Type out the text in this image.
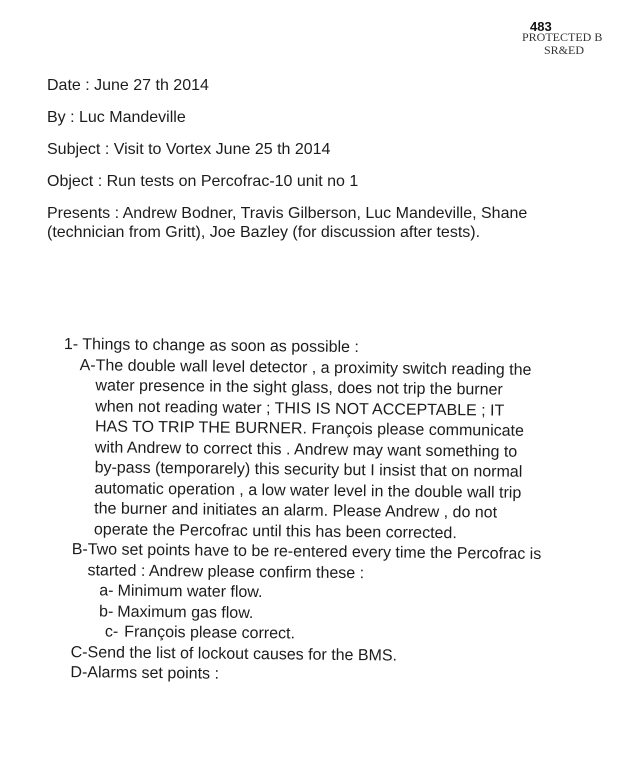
483
PROTECTED B
SR&ED
Date : June 27 th 2014
By : Luc Mandeville
Subject : Visit to Vortex June 25 th 2014
Object : Run tests on Percofrac-10 unit no 1
Presents : Andrew Bodner, Travis Gilberson, Luc Mandeville, Shane (technician from Gritt), Joe Bazley (for discussion after tests).

1- Things to change as soon as possible :

A- The double wall level detector , a proximity switch reading the water presence in the sight glass, does not trip the burner when not reading water ; THIS IS NOT ACCEPTABLE ; IT HAS TO TRIP THE BURNER. François please communicate with Andrew to correct this . Andrew may want something to by-pass (temporarely) this security but I insist that on normal automatic operation , a low water level in the double wall trip the burner and initiates an alarm. Please Andrew , do not operate the Percofrac until this has been corrected.
B- Two set points have to be re-entered every time the Percofrac is started : Andrew please confirm these :
a- Minimum water flow.
b- Maximum gas flow.
c- François please correct.
C- Send the list of lockout causes for the BMS.
D- Alarms set points :
